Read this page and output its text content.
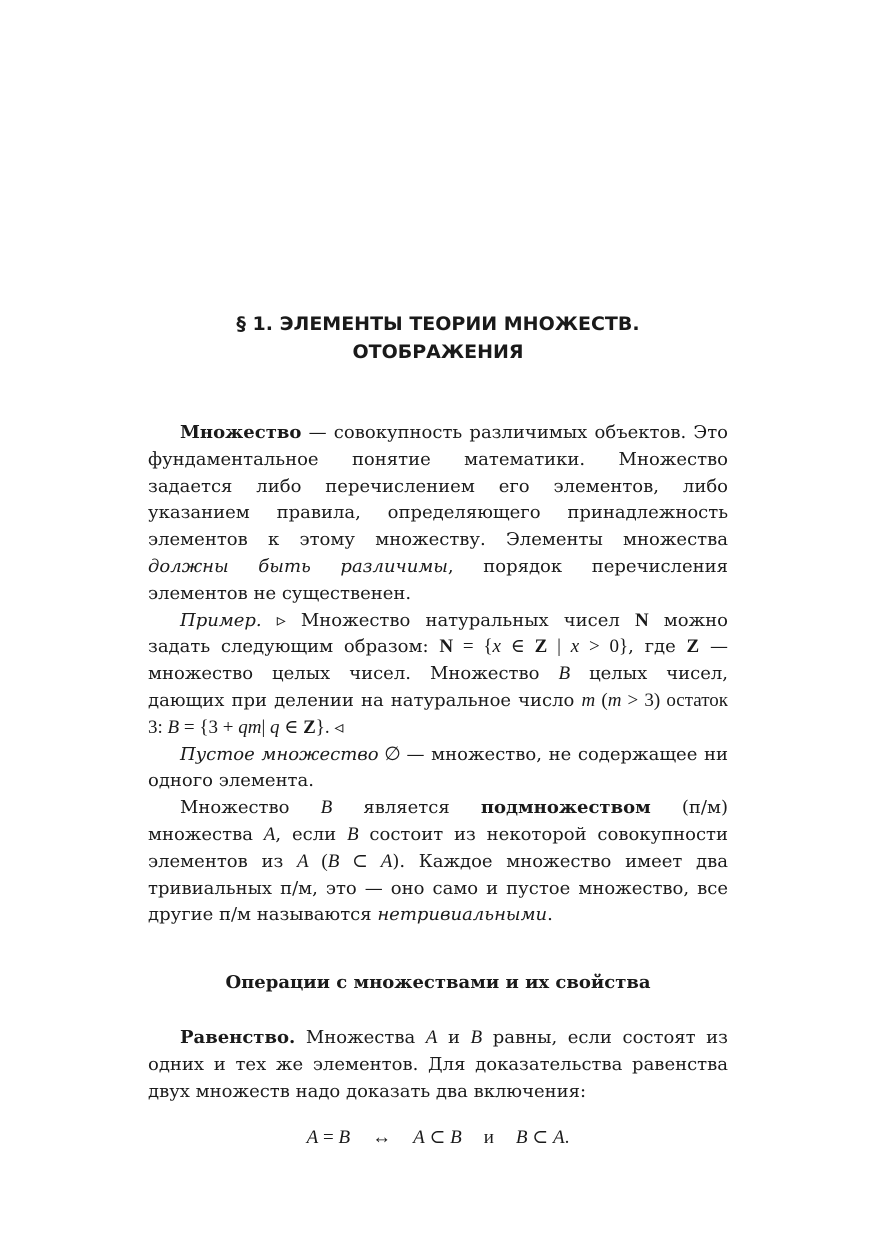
§ 1. ЭЛЕМЕНТЫ ТЕОРИИ МНОЖЕСТВ.
ОТОБРАЖЕНИЯ

Множество — совокупность различимых объектов. Это фундаментальное понятие математики. Множество задается либо перечислением его элементов, либо указанием правила, определяющего принадлежность элементов к этому множеству. Элементы множества должны быть различимы, порядок перечисления элементов не существенен.

Пример. ▹ Множество натуральных чисел N можно задать следующим образом: N = {x ∈ Z | x > 0}, где Z — множество целых чисел. Множество B целых чисел, дающих при делении на натуральное число m (m > 3) остаток 3: B = {3 + qm| q ∈ Z}. ◃

Пустое множество ∅ — множество, не содержащее ни одного элемента.

Множество B является подмножеством (п/м) множества A, если B состоит из некоторой совокупности элементов из A (B ⊂ A). Каждое множество имеет два тривиальных п/м, это — оно само и пустое множество, все другие п/м называются нетривиальными.

Операции с множествами и их свойства

Равенство. Множества A и B равны, если состоят из одних и тех же элементов. Для доказательства равенства двух множеств надо доказать два включения:

A = B ↔ A ⊂ B и B ⊂ A.
